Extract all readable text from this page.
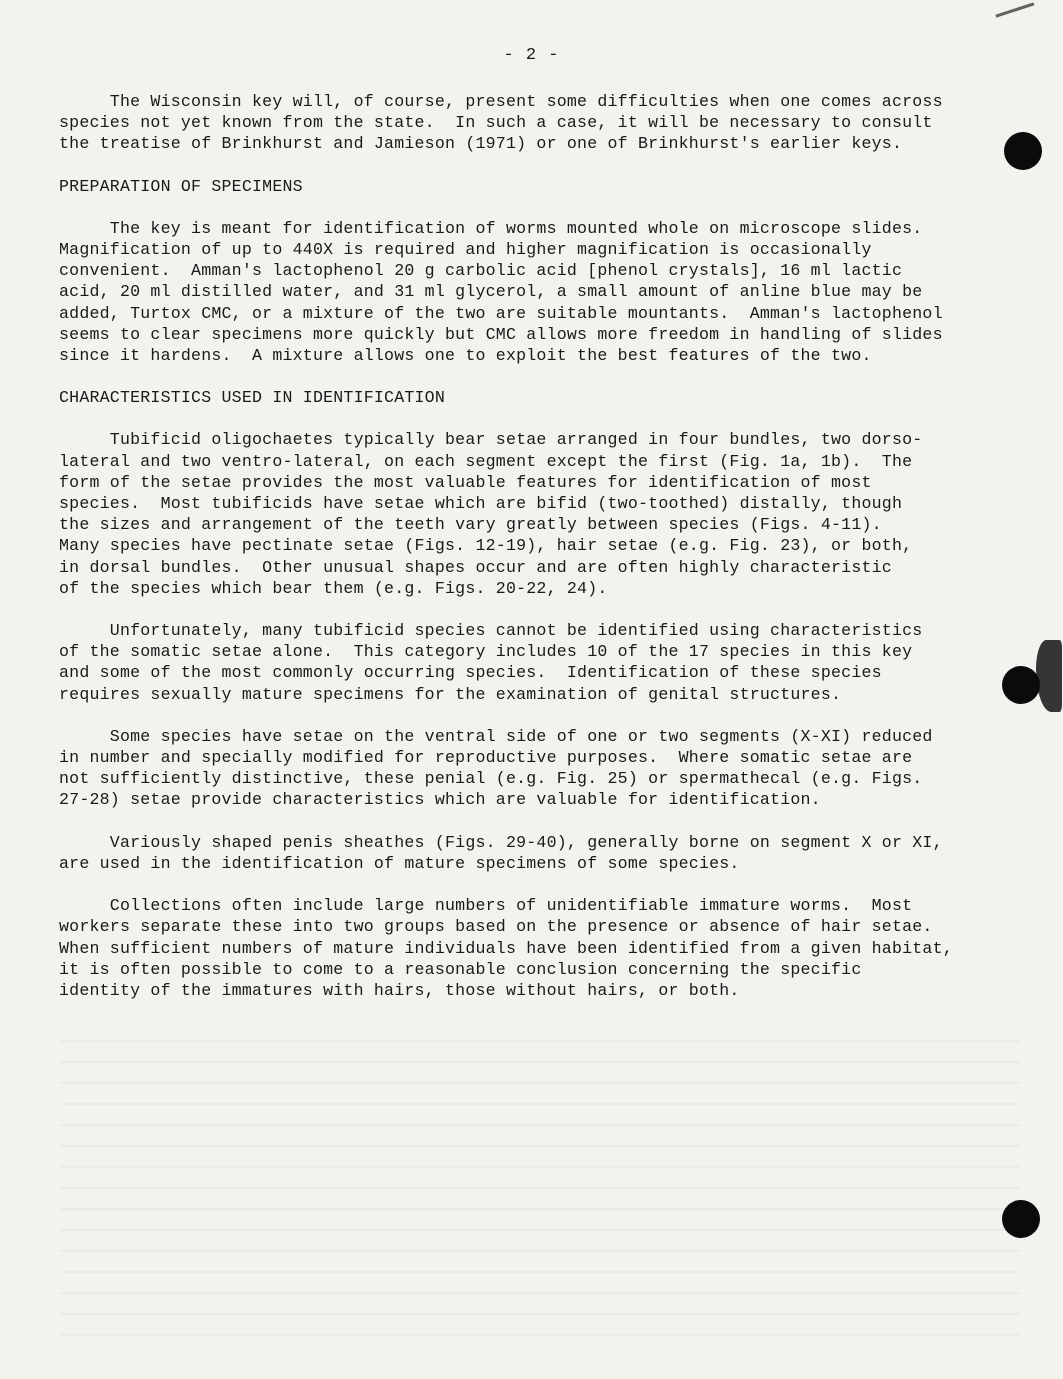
- 2 -

The Wisconsin key will, of course, present some difficulties when one comes across

species not yet known from the state.  In such a case, it will be necessary to consult

the treatise of Brinkhurst and Jamieson (1971) or one of Brinkhurst's earlier keys.

PREPARATION OF SPECIMENS

The key is meant for identification of worms mounted whole on microscope slides.

Magnification of up to 440X is required and higher magnification is occasionally

convenient.  Amman's lactophenol 20 g carbolic acid [phenol crystals], 16 ml lactic

acid, 20 ml distilled water, and 31 ml glycerol, a small amount of anline blue may be

added, Turtox CMC, or a mixture of the two are suitable mountants.  Amman's lactophenol

seems to clear specimens more quickly but CMC allows more freedom in handling of slides

since it hardens.  A mixture allows one to exploit the best features of the two.

CHARACTERISTICS USED IN IDENTIFICATION

Tubificid oligochaetes typically bear setae arranged in four bundles, two dorso-

lateral and two ventro-lateral, on each segment except the first (Fig. 1a, 1b).  The

form of the setae provides the most valuable features for identification of most

species.  Most tubificids have setae which are bifid (two-toothed) distally, though

the sizes and arrangement of the teeth vary greatly between species (Figs. 4-11).

Many species have pectinate setae (Figs. 12-19), hair setae (e.g. Fig. 23), or both,

in dorsal bundles.  Other unusual shapes occur and are often highly characteristic

of the species which bear them (e.g. Figs. 20-22, 24).

Unfortunately, many tubificid species cannot be identified using characteristics

of the somatic setae alone.  This category includes 10 of the 17 species in this key

and some of the most commonly occurring species.  Identification of these species

requires sexually mature specimens for the examination of genital structures.

Some species have setae on the ventral side of one or two segments (X-XI) reduced

in number and specially modified for reproductive purposes.  Where somatic setae are

not sufficiently distinctive, these penial (e.g. Fig. 25) or spermathecal (e.g. Figs.

27-28) setae provide characteristics which are valuable for identification.

Variously shaped penis sheathes (Figs. 29-40), generally borne on segment X or XI,

are used in the identification of mature specimens of some species.

Collections often include large numbers of unidentifiable immature worms.  Most

workers separate these into two groups based on the presence or absence of hair setae.

When sufficient numbers of mature individuals have been identified from a given habitat,

it is often possible to come to a reasonable conclusion concerning the specific

identity of the immatures with hairs, those without hairs, or both.
